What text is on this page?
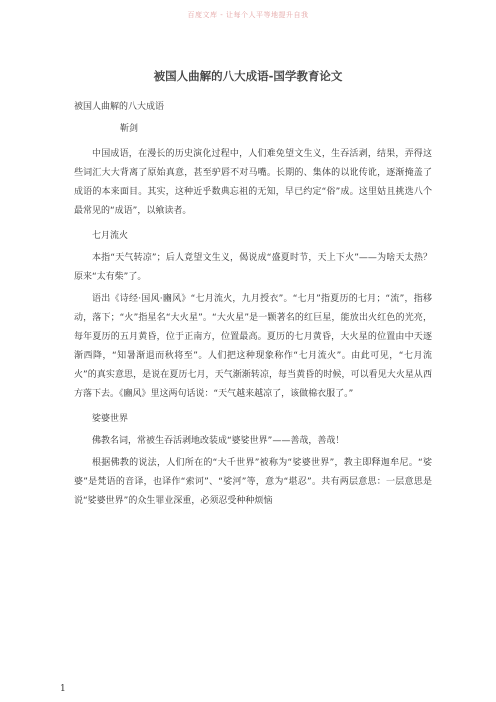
百度文库 - 让每个人平等地提升自我
被国人曲解的八大成语-国学教育论文

被国人曲解的八大成语

靳剑

中国成语，在漫长的历史演化过程中，人们难免望文生义，生吞活剥，结果，弄得这些词汇大大背离了原始真意，甚至驴唇不对马嘴。长期的、集体的以讹传讹，逐渐掩盖了成语的本来面目。其实，这种近乎数典忘祖的无知，早已约定“俗”成。这里姑且挑选八个最常见的“成语”，以飨读者。

七月流火

本指“天气转凉”；后人竟望文生义，偈说成“盛夏时节，天上下火”——为啥天太热？原来“太有柴”了。

语出《诗经·国风·豳风》“七月流火，九月授衣”。“七月”指夏历的七月；“流”，指移动，落下；“火”指星名“大火星”。“大火星”是一颗著名的红巨星，能放出火红色的光亮，每年夏历的五月黄昏，位于正南方，位置最高。夏历的七月黄昏，大火星的位置由中天逐渐西降，“知暑渐退而秋将至”。人们把这种现象称作“七月流火”。由此可见，“七月流火”的真实意思，是说在夏历七月，天气渐渐转凉，每当黄昏的时候，可以看见大火星从西方落下去。《豳风》里这两句话说：“天气越来越凉了，该做棉衣服了。”

娑婆世界

佛教名词，常被生吞活剥地改装成“婆娑世界”——善哉，善哉！

根据佛教的说法，人们所在的“大千世界”被称为“娑婆世界”，教主即释迦牟尼。“娑婆”是梵语的音译，也译作“索诃”、“娑河”等，意为“堪忍”。共有两层意思：一层意思是说“娑婆世界”的众生罪业深重，必须忍受种种烦恼

1
